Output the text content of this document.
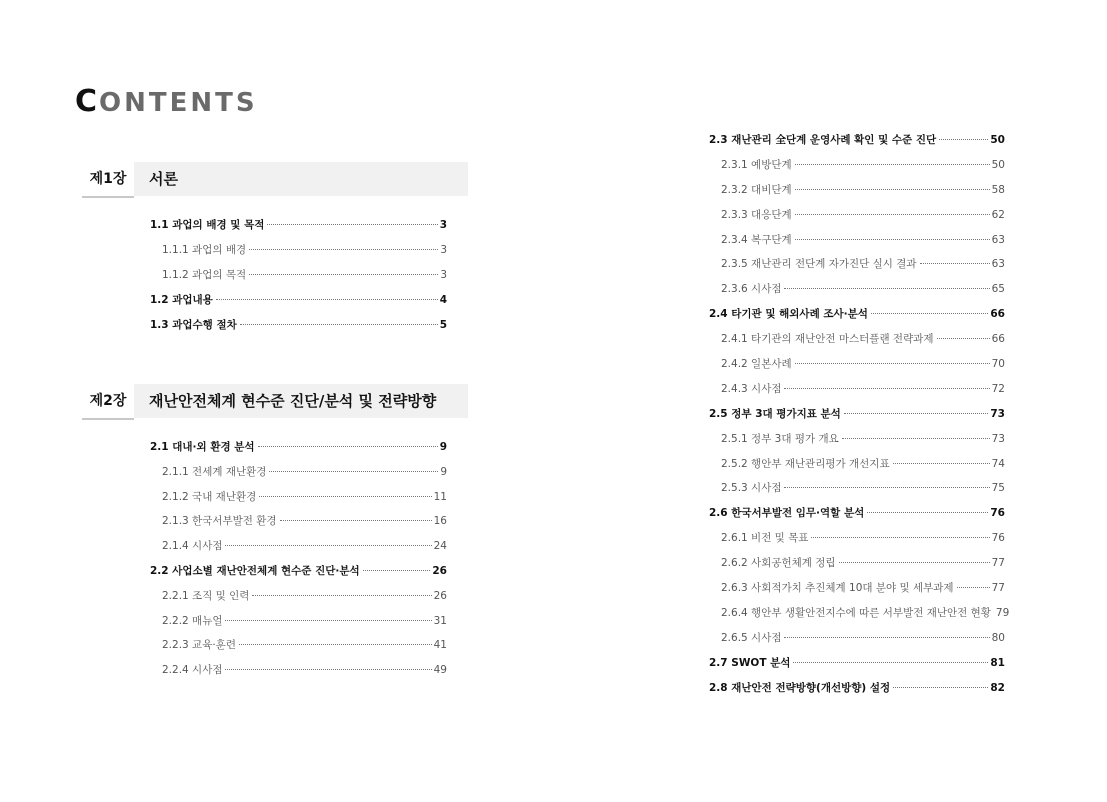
CONTENTS
제1장	서론
1.1 과업의 배경 및 목적	3
1.1.1 과업의 배경	3
1.1.2 과업의 목적	3
1.2 과업내용	4
1.3 과업수행 절차	5
제2장	재난안전체계 현수준 진단/분석 및 전략방향
2.1 대내·외 환경 분석	9
2.1.1 전세계 재난환경	9
2.1.2 국내 재난환경	11
2.1.3 한국서부발전 환경	16
2.1.4 시사점	24
2.2 사업소별 재난안전체계 현수준 진단·분석	26
2.2.1 조직 및 인력	26
2.2.2 매뉴얼	31
2.2.3 교육·훈련	41
2.2.4 시사점	49
2.3 재난관리 全단계 운영사례 확인 및 수준 진단	50
2.3.1 예방단계	50
2.3.2 대비단계	58
2.3.3 대응단계	62
2.3.4 복구단계	63
2.3.5 재난관리 전단계 자가진단 실시 결과	63
2.3.6 시사점	65
2.4 타기관 및 해외사례 조사·분석	66
2.4.1 타기관의 재난안전 마스터플랜 전략과제	66
2.4.2 일본사례	70
2.4.3 시사점	72
2.5 정부 3대 평가지표 분석	73
2.5.1 정부 3대 평가 개요	73
2.5.2 행안부 재난관리평가 개선지표	74
2.5.3 시사점	75
2.6 한국서부발전 임무·역할 분석	76
2.6.1 비전 및 목표	76
2.6.2 사회공헌체계 정립	77
2.6.3 사회적가치 추진체계 10대 분야 및 세부과제	77
2.6.4 행안부 생활안전지수에 따른 서부발전 재난안전 현황 79
2.6.5 시사점	80
2.7 SWOT 분석	81
2.8 재난안전 전략방향(개선방향) 설정	82
